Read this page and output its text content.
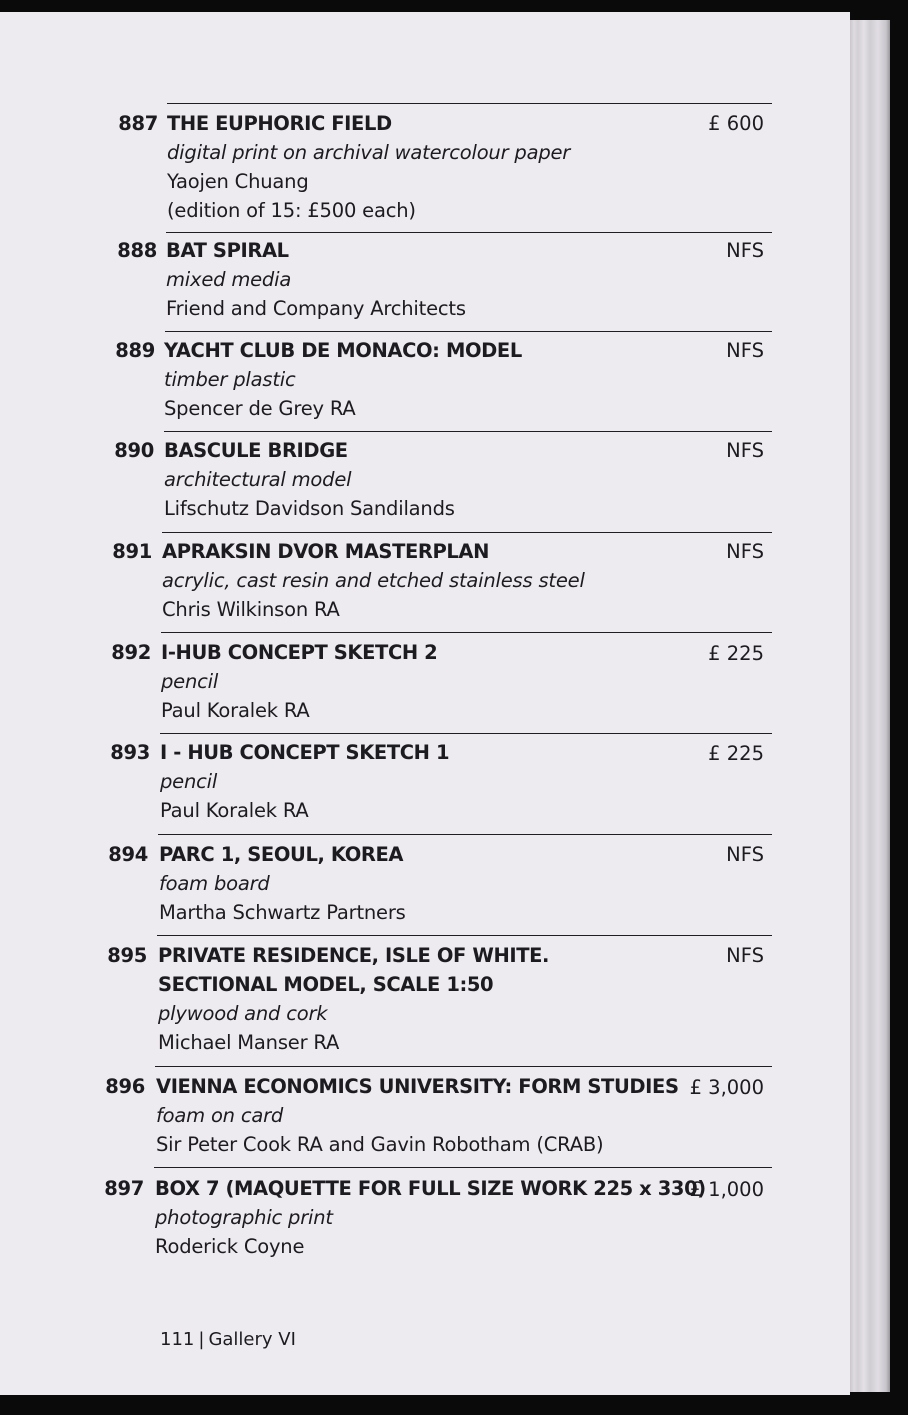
887 THE EUPHORIC FIELD
digital print on archival watercolour paper
Yaojen Chuang
(edition of 15: £500 each)
£ 600
888 BAT SPIRAL
mixed media
Friend and Company Architects
NFS
889 YACHT CLUB DE MONACO: MODEL
timber plastic
Spencer de Grey RA
NFS
890 BASCULE BRIDGE
architectural model
Lifschutz Davidson Sandilands
NFS
891 APRAKSIN DVOR MASTERPLAN
acrylic, cast resin and etched stainless steel
Chris Wilkinson RA
NFS
892 I-HUB CONCEPT SKETCH 2
pencil
Paul Koralek RA
£ 225
893 I - HUB CONCEPT SKETCH 1
pencil
Paul Koralek RA
£ 225
894 PARC 1, SEOUL, KOREA
foam board
Martha Schwartz Partners
NFS
895 PRIVATE RESIDENCE, ISLE OF WHITE.
SECTIONAL MODEL, SCALE 1:50
plywood and cork
Michael Manser RA
NFS
896 VIENNA ECONOMICS UNIVERSITY: FORM STUDIES
foam on card
Sir Peter Cook RA and Gavin Robotham (CRAB)
£ 3,000
897 BOX 7 (MAQUETTE FOR FULL SIZE WORK 225 x 330)
photographic print
Roderick Coyne
£ 1,000
111 | Gallery VI
